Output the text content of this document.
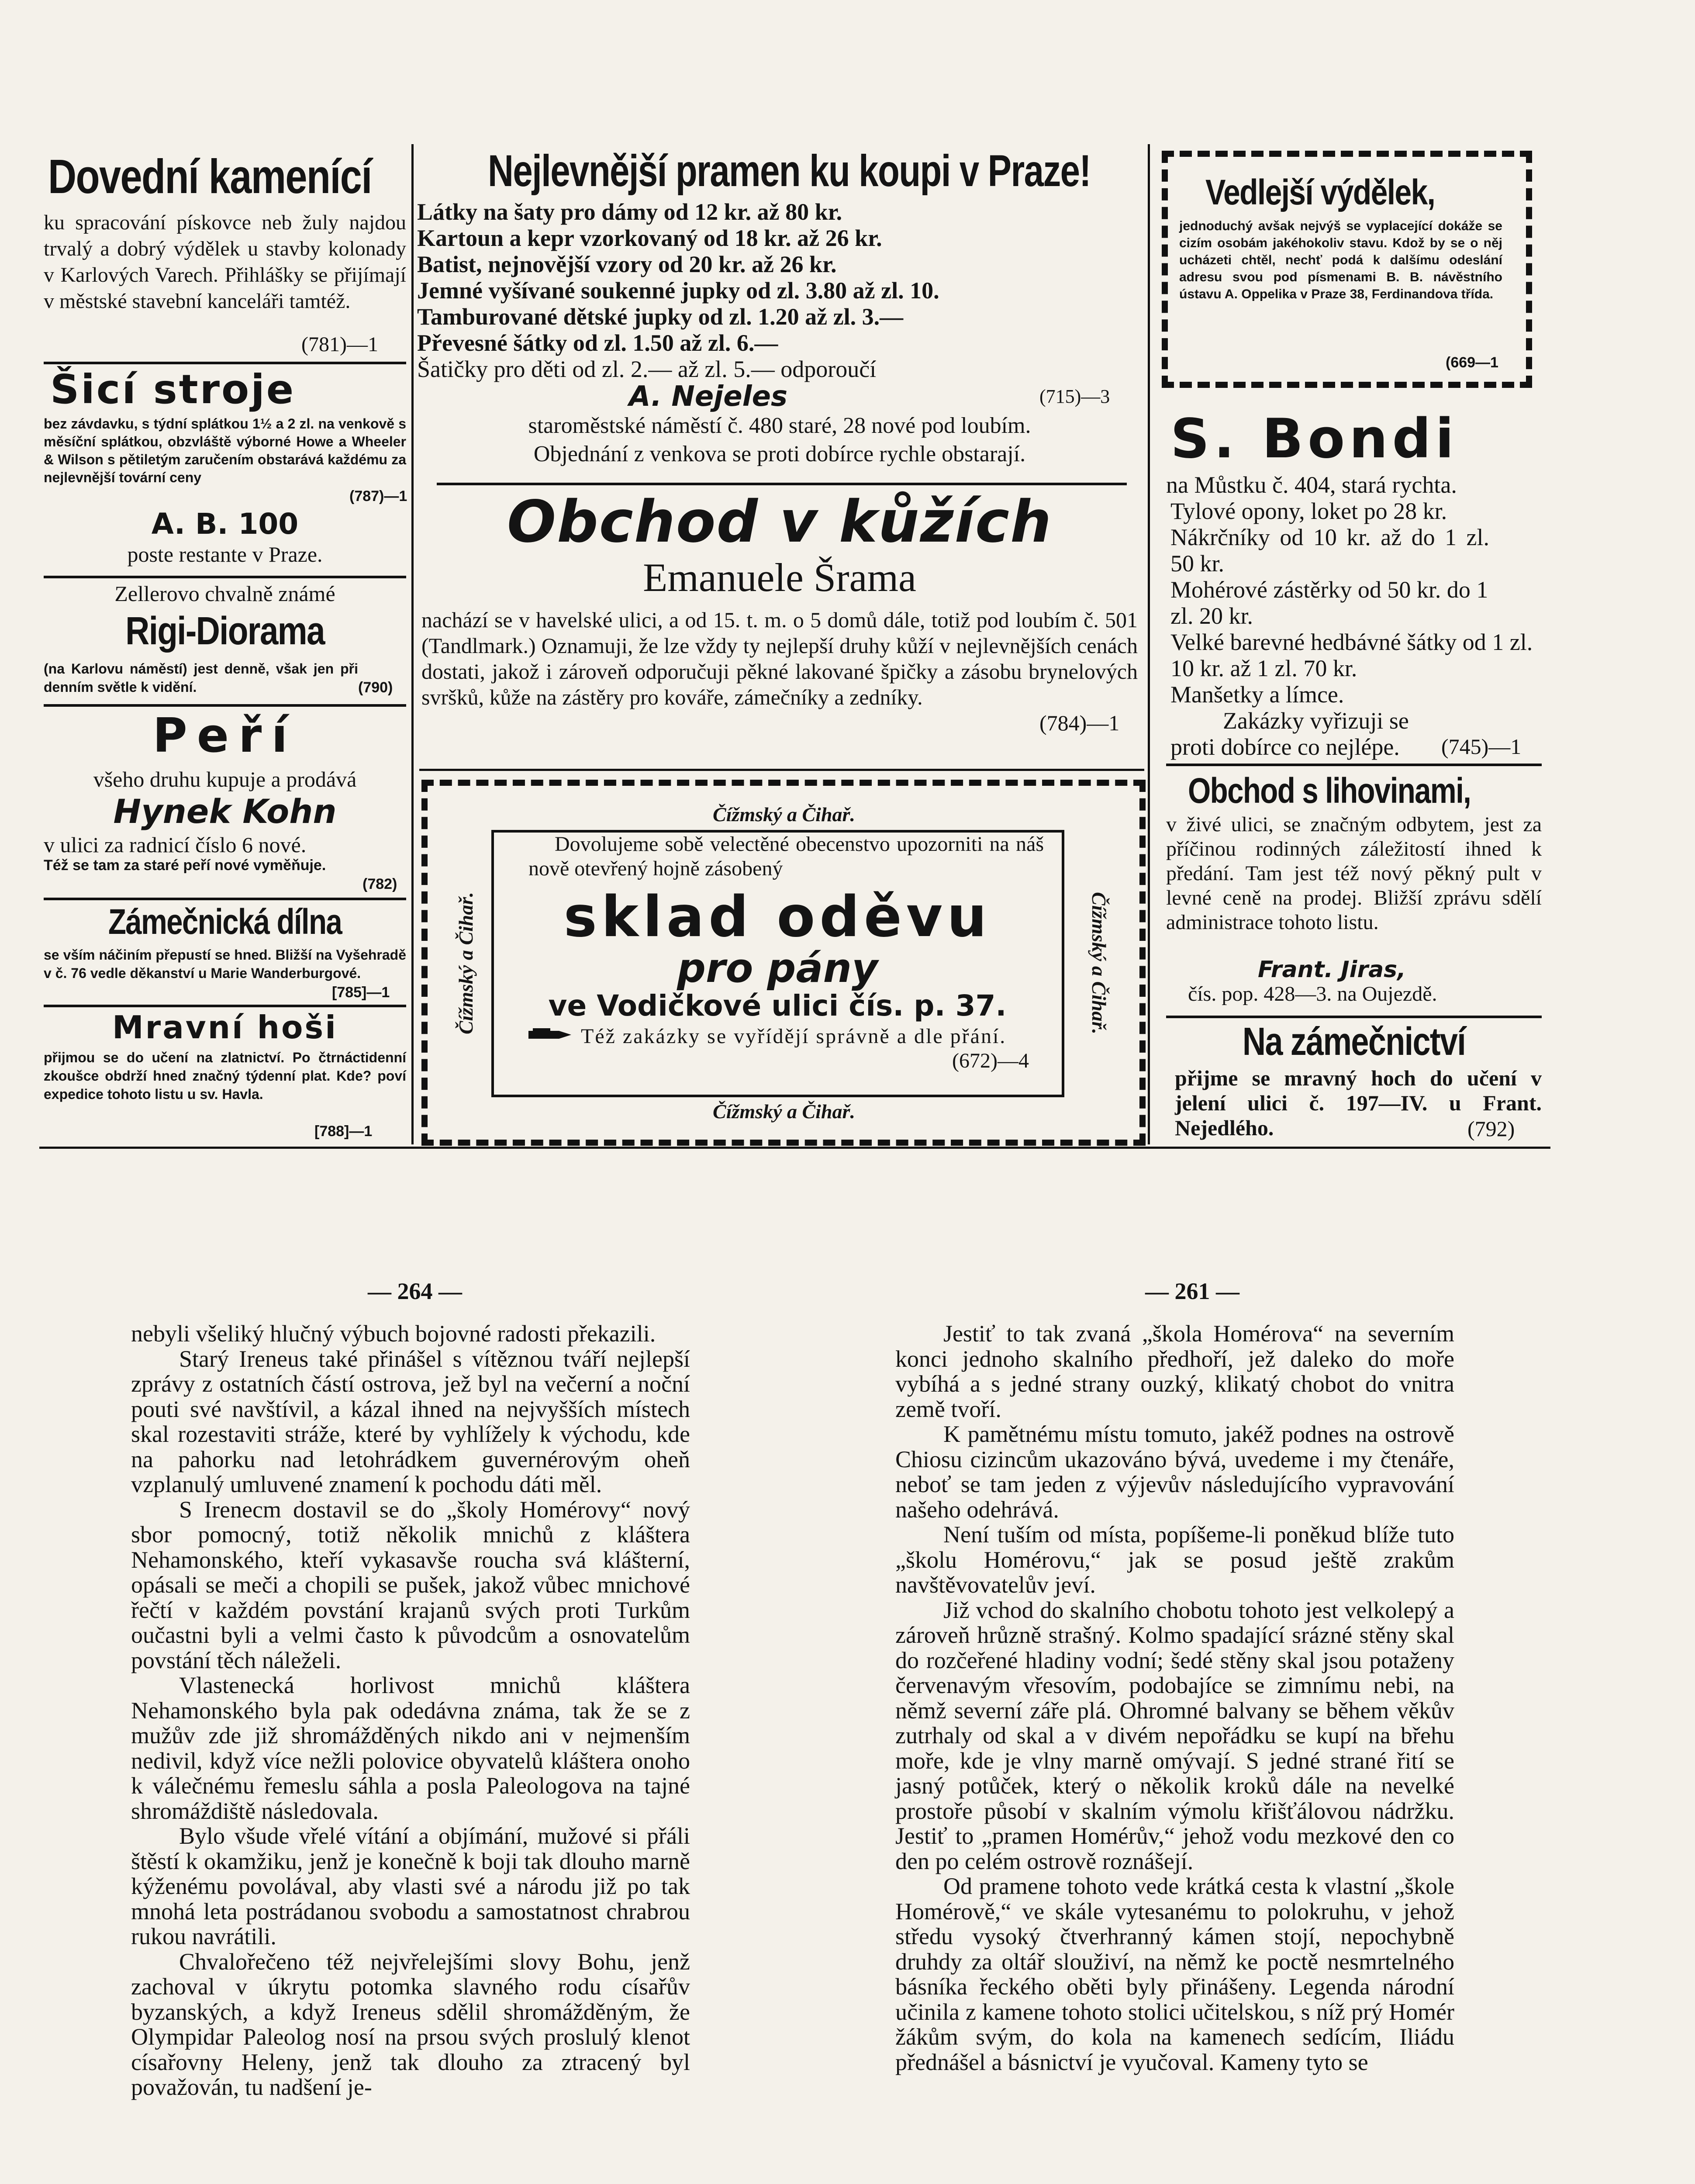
Dovední kamenící
ku spracování pískovce neb žuly najdou trvalý a dobrý výdělek u stavby kolonady v Karlových Varech. Přihlášky se přijímají v městské stavební kanceláři tamtéž.
(781)—1
Šicí stroje
bez závdavku, s týdní splátkou 1½ a 2 zl. na venkově s měsíční splátkou, obzvláště výborné Howe a Wheeler & Wilson s pětiletým zaručením obstarává každému za nejlevnější tovární ceny
(787)—1
A. B. 100
poste restante v Praze.
Zellerovo chvalně známé
Rigi-Diorama
(na Karlovu náměstí) jest denně, však jen při denním světle k vidění.	(790)
Peří
všeho druhu kupuje a prodává
Hynek Kohn
v ulici za radnicí číslo 6 nové.
Též se tam za staré peří nové vyměňuje.
(782)
Zámečnická dílna
se vším náčiním přepustí se hned. Bližší na Vyšehradě v č. 76 vedle děkanství u Marie Wanderburgové.
[785]—1
Mravní hoši
přijmou se do učení na zlatnictví. Po čtrnáctidenní zkoušce obdrží hned značný týdenní plat. Kde? poví expedice tohoto listu u sv. Havla.
[788]—1
Nejlevnější pramen ku koupi v Praze!
Látky na šaty pro dámy od 12 kr. až 80 kr.
Kartoun a kepr vzorkovaný od 18 kr. až 26 kr.
Batist, nejnovější vzory od 20 kr. až 26 kr.
Jemné vyšívané soukenné jupky od zl. 3.80 až zl. 10.
Tamburované dětské jupky od zl. 1.20 až zl. 3.—
Převesné šátky od zl. 1.50 až zl. 6.—
Šatičky pro děti od zl. 2.— až zl. 5.— odporoučí
A. Nejeles	(715)—3
staroměstské náměstí č. 480 staré, 28 nové pod loubím.
Objednání z venkova se proti dobírce rychle obstarají.
Obchod v kůžích
Emanuele Šrama
nachází se v havelské ulici, a od 15. t. m. o 5 domů dále, totiž pod loubím č. 501 (Tandlmark.) Oznamuji, že lze vždy ty nejlepší druhy kůží v nejlevnějších cenách dostati, jakož i zároveň odporučuji pěkné lakované špičky a zásobu brynelových svršků, kůže na zástěry pro kováře, zámečníky a zedníky.
(784)—1
Čížmský a Čihař.
Čížmský a Čihař.
Čížmský a Čihař.	Čížmský a Čihař.
Dovolujeme sobě velectěné obecenstvo upozorniti na náš nově otevřený hojně zásobený
sklad oděvu
pro pány
ve Vodičkové ulici čís. p. 37.
Též zakázky se vyřídějí správně a dle přání.
(672)—4
Vedlejší výdělek,
jednoduchý avšak nejvýš se vyplacející dokáže se cizím osobám jakéhokoliv stavu. Kdož by se o něj ucházeti chtěl, nechť podá k dalšímu odeslání adresu svou pod písmenami B. B. návěstního ústavu A. Oppelika v Praze 38, Ferdinandova třída.
(669—1
S. Bondi
na Můstku č. 404, stará rychta.
Tylové opony, loket po 28 kr.
Nákrčníky od 10 kr. až do 1 zl. 50 kr.
Mohérové zástěrky od 50 kr. do 1 zl. 20 kr.
Velké barevné hedbávné šátky od 1 zl. 10 kr. až 1 zl. 70 kr.
Manšetky a límce.
Zakázky vyřizuji se proti dobírce co nejlépe.	(745)—1
Obchod s lihovinami,
v živé ulici, se značným odbytem, jest za příčinou rodinných záležitostí ihned k předání. Tam jest též nový pěkný pult v levné ceně na prodej. Bližší zprávu sdělí administrace tohoto listu.
Frant. Jiras,
čís. pop. 428—3. na Oujezdě.
Na zámečnictví
přijme se mravný hoch do učení v jelení ulici č. 197—IV. u Frant. Nejedlého.	(792)
— 264 —	— 261 —

nebyli všeliký hlučný výbuch bojovné radosti překazili.

Starý Ireneus také přinášel s vítěznou tváří nejlepší zprávy z ostatních částí ostrova, jež byl na večerní a noční pouti své navštívil, a kázal ihned na nejvyšších místech skal rozestaviti stráže, které by vyhlížely k východu, kde na pahorku nad letohrádkem guvernérovým oheň vzplanulý umluvené znamení k pochodu dáti měl.

S Irenecm dostavil se do „školy Homérovy“ nový sbor pomocný, totiž několik mnichů z kláštera Nehamonského, kteří vykasavše roucha svá klášterní, opásali se meči a chopili se pušek, jakož vůbec mnichové řečtí v každém povstání krajanů svých proti Turkům oučastni byli a velmi často k původcům a osnovatelům povstání těch náleželi.

Vlastenecká horlivost mnichů kláštera Nehamonského byla pak odedávna známa, tak že se z mužův zde již shromážděných nikdo ani v nejmenším nedivil, když více nežli polovice obyvatelů kláštera onoho k válečnému řemeslu sáhla a posla Paleologova na tajné shromáždiště následovala.

Bylo všude vřelé vítání a objímání, mužové si přáli štěstí k okamžiku, jenž je konečně k boji tak dlouho marně kýženému povolával, aby vlasti své a národu již po tak mnohá leta postrádanou svobodu a samostatnost chrabrou rukou navrátili.

Chvalořečeno též nejvřelejšími slovy Bohu, jenž zachoval v úkrytu potomka slavného rodu císařův byzanských, a když Ireneus sdělil shromážděným, že Olympidar Paleolog nosí na prsou svých proslulý klenot císařovny Heleny, jenž tak dlouho za ztracený byl považován, tu nadšení je-

Jestiť to tak zvaná „škola Homérova“ na severním konci jednoho skalního předhoří, jež daleko do moře vybíhá a s jedné strany ouzký, klikatý chobot do vnitra země tvoří.

K pamětnému místu tomuto, jakéž podnes na ostrově Chiosu cizincům ukazováno bývá, uvedeme i my čtenáře, neboť se tam jeden z výjevův následujícího vypravování našeho odehrává.

Není tuším od místa, popíšeme-li poněkud blíže tuto „školu Homérovu,“ jak se posud ještě zrakům navštěvovatelův jeví.

Již vchod do skalního chobotu tohoto jest velkolepý a zároveň hrůzně strašný. Kolmo spadající srázné stěny skal do rozčeřené hladiny vodní; šedé stěny skal jsou potaženy červenavým vřesovím, podobajíce se zimnímu nebi, na němž severní záře plá. Ohromné balvany se během věkův zutrhaly od skal a v divém nepořádku se kupí na břehu moře, kde je vlny marně omývají. S jedné strané řití se jasný potůček, který o několik kroků dále na nevelké prostoře působí v skalním výmolu křišťálovou nádržku. Jestiť to „pramen Homérův,“ jehož vodu mezkové den co den po celém ostrově roznášejí.

Od pramene tohoto vede krátká cesta k vlastní „škole Homérově,“ ve skále vytesanému to polokruhu, v jehož středu vysoký čtverhranný kámen stojí, nepochybně druhdy za oltář slouživí, na němž ke poctě nesmrtelného básníka řeckého oběti byly přinášeny. Legenda národní učinila z kamene tohoto stolici učitelskou, s níž prý Homér žákům svým, do kola na kamenech sedícím, Iliádu přednášel a básnictví je vyučoval. Kameny tyto se
